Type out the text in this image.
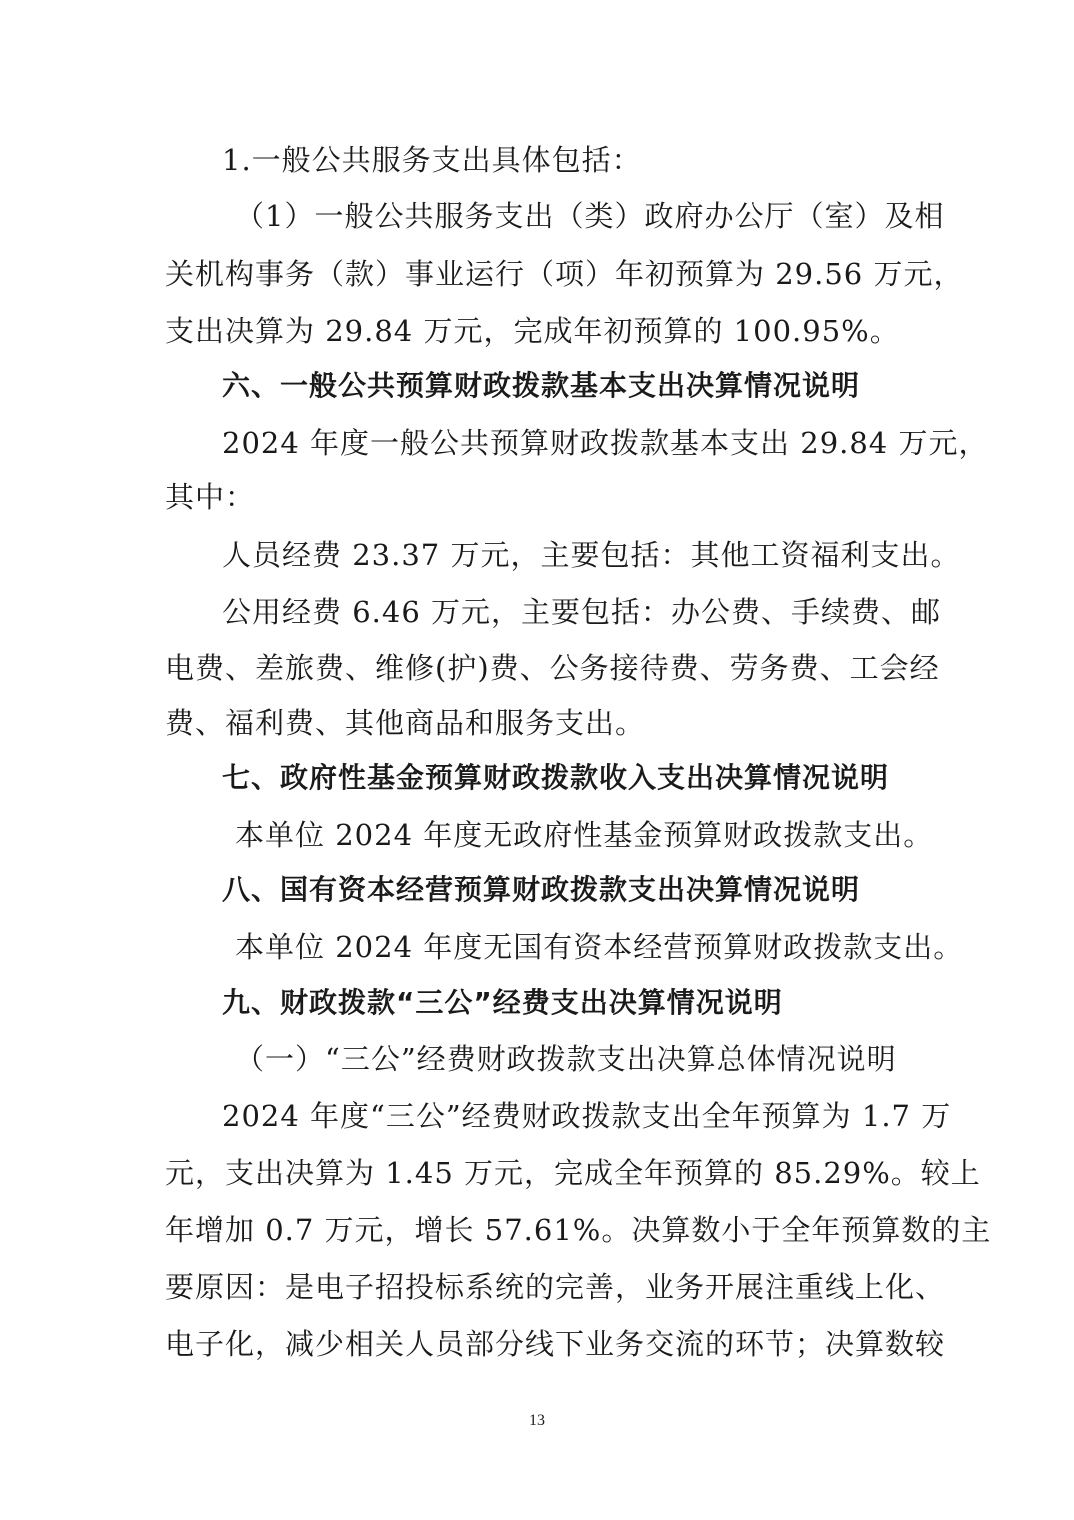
1.一般公共服务支出具体包括：
（1）一般公共服务支出（类）政府办公厅（室）及相
关机构事务（款）事业运行（项）年初预算为 29.56 万元，
支出决算为 29.84 万元，完成年初预算的 100.95%。
六、一般公共预算财政拨款基本支出决算情况说明
2024 年度一般公共预算财政拨款基本支出 29.84 万元，
其中：
人员经费 23.37 万元，主要包括：其他工资福利支出。
公用经费 6.46 万元，主要包括：办公费、手续费、邮
电费、差旅费、维修(护)费、公务接待费、劳务费、工会经
费、福利费、其他商品和服务支出。
七、政府性基金预算财政拨款收入支出决算情况说明
本单位 2024 年度无政府性基金预算财政拨款支出。
八、国有资本经营预算财政拨款支出决算情况说明
本单位 2024 年度无国有资本经营预算财政拨款支出。
九、财政拨款“三公”经费支出决算情况说明
（一）“三公”经费财政拨款支出决算总体情况说明
2024 年度“三公”经费财政拨款支出全年预算为 1.7 万
元，支出决算为 1.45 万元，完成全年预算的 85.29%。较上
年增加 0.7 万元，增长 57.61%。决算数小于全年预算数的主
要原因：是电子招投标系统的完善，业务开展注重线上化、
电子化，减少相关人员部分线下业务交流的环节；决算数较
13
